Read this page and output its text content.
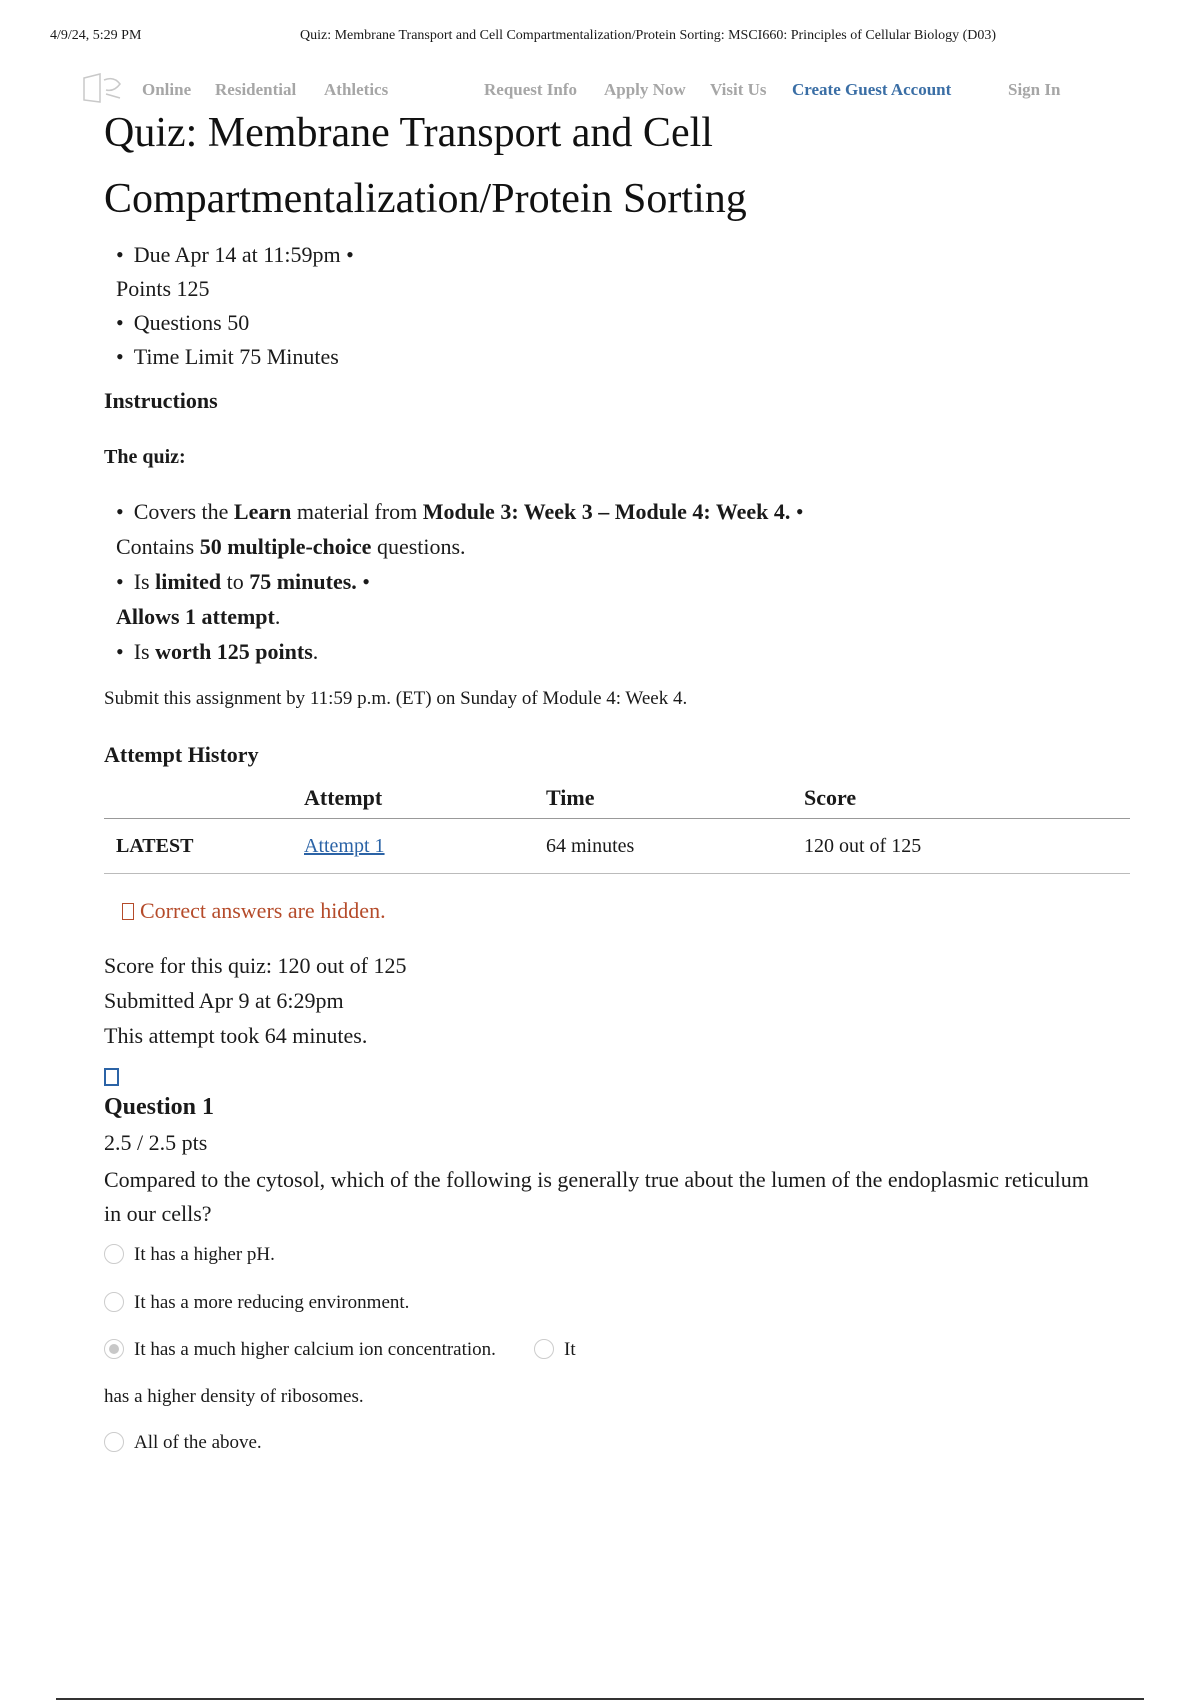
4/9/24, 5:29 PM	Quiz: Membrane Transport and Cell Compartmentalization/Protein Sorting: MSCI660: Principles of Cellular Biology (D03)
Online Residential Athletics	Request Info Apply Now Visit Us Create Guest Account	Sign In
Quiz: Membrane Transport and Cell Compartmentalization/Protein Sorting
• Due Apr 14 at 11:59pm •
Points 125
• Questions 50
• Time Limit 75 Minutes
Instructions
The quiz:
• Covers the Learn material from Module 3: Week 3 – Module 4: Week 4. •
Contains 50 multiple-choice questions.
• Is limited to 75 minutes. •
Allows 1 attempt.
• Is worth 125 points.
Submit this assignment by 11:59 p.m. (ET) on Sunday of Module 4: Week 4.
Attempt History
	Attempt	Time	Score
LATEST	Attempt 1	64 minutes	120 out of 125
Correct answers are hidden.
Score for this quiz: 120 out of 125
Submitted Apr 9 at 6:29pm
This attempt took 64 minutes.
Question 1
2.5 / 2.5 pts
Compared to the cytosol, which of the following is generally true about the lumen of the endoplasmic reticulum in our cells?
It has a higher pH.
It has a more reducing environment.
It has a much higher calcium ion concentration.	It
has a higher density of ribosomes.
All of the above.
